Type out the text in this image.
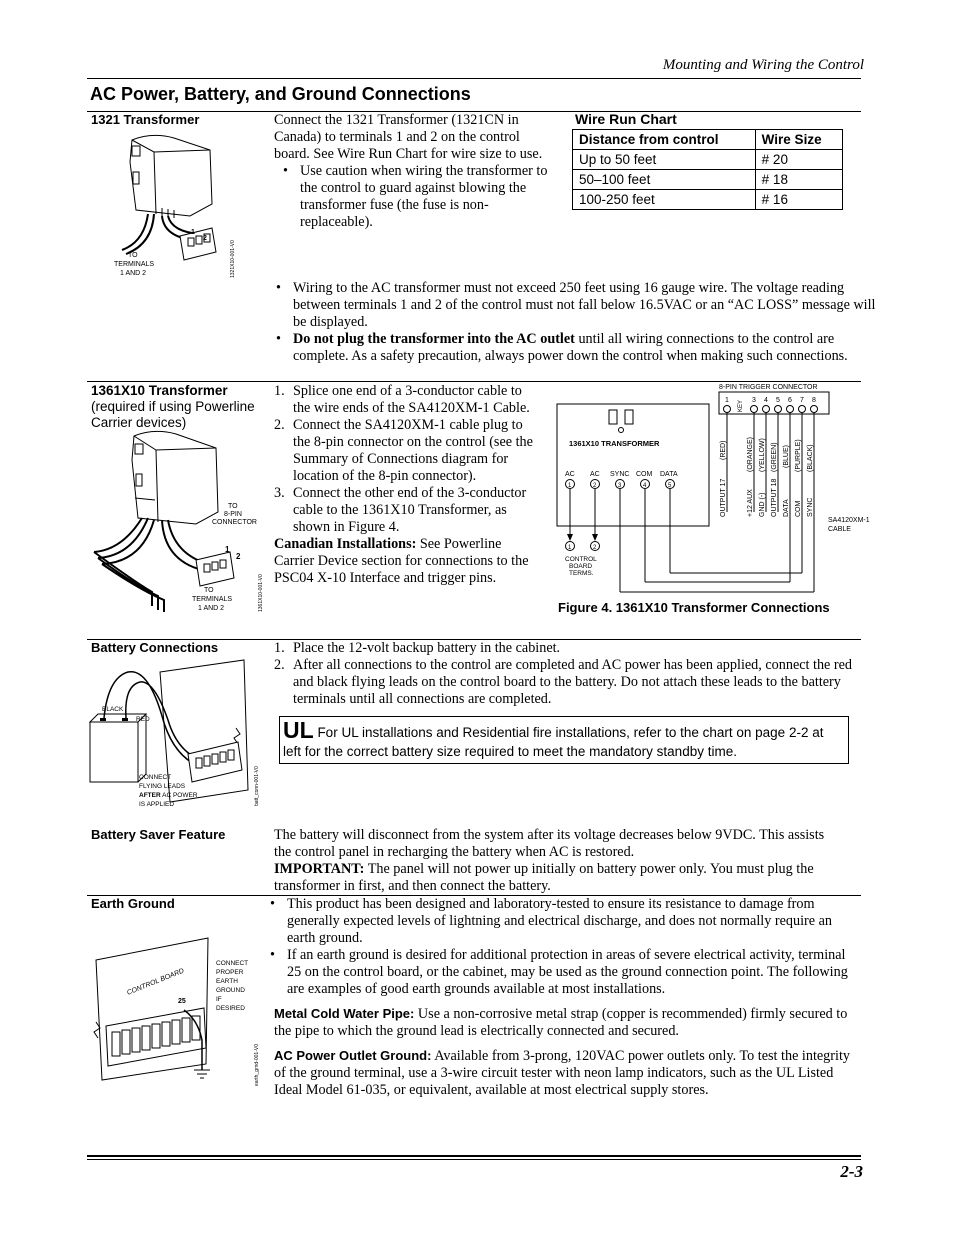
Mounting and Wiring the Control
AC Power, Battery, and Ground Connections
1321 Transformer
1
2
TO
TERMINALS
1 AND 2	1321X10-001-V0
Connect the 1321 Transformer (1321CN in Canada) to terminals 1 and 2 on the control board. See Wire Run Chart for wire size to use.
• Use caution when wiring the transformer to the control to guard against blowing the transformer fuse (the fuse is non-replaceable).
Wire Run Chart
Distance from control	Wire Size
Up to 50 feet	# 20
50–100 feet	# 18
100-250 feet	# 16
• Wiring to the AC transformer must not exceed 250 feet using 16 gauge wire. The voltage reading between terminals 1 and 2 of the control must not fall below 16.5VAC or an “AC LOSS” message will be displayed.
• Do not plug the transformer into the AC outlet until all wiring connections to the control are complete. As a safety precaution, always power down the control when making such connections.
1361X10 Transformer
(required if using Powerline Carrier devices)
TO
8-PIN
CONNECTOR
1
2
TO
TERMINALS
1 AND 2	1361X10-001-V0
1. Splice one end of a 3-conductor cable to the wire ends of the SA4120XM-1 Cable.
2. Connect the SA4120XM-1 cable plug to the 8-pin connector on the control (see the Summary of Connections diagram for location of the 8-pin connector).
3. Connect the other end of the 3-conductor cable to the 1361X10 Transformer, as shown in Figure 4.
Canadian Installations: See Powerline Carrier Device section for connections to the PSC04 X-10 Interface and trigger pins.
8-PIN TRIGGER CONNECTOR
1 KEY 3 4 5 6 7 8
(RED)
OUTPUT 17
(ORANGE)
+12 AUX
(YELLOW)
GND (-)
(GREEN)
OUTPUT 18
(BLUE)
DATA
(PURPLE)
COM
(BLACK)
SYNC
SA4120XM-1
CABLE
1361X10 TRANSFORMER
AC AC SYNC COM DATA
1	2	3	4	5
1	2
CONTROL
BOARD
TERMS.
Figure 4. 1361X10 Transformer Connections
Battery Connections
BLACK
RED
CONNECT
FLYING LEADS
AFTER AC POWER
IS APPLIED	batt_conn-001-V0
1. Place the 12-volt backup battery in the cabinet.
2. After all connections to the control are completed and AC power has been applied, connect the red and black flying leads on the control board to the battery. Do not attach these leads to the battery terminals until all connections are completed.
UL For UL installations and Residential fire installations, refer to the chart on page 2-2 at left for the correct battery size required to meet the mandatory standby time.
Battery Saver Feature	The battery will disconnect from the system after its voltage decreases below 9VDC. This assists the control panel in recharging the battery when AC is restored.
IMPORTANT: The panel will not power up initially on battery power only. You must plug the transformer in first, and then connect the battery.
Earth Ground
CONTROL BOARD
25
CONNECT
PROPER
EARTH
GROUND
IF
DESIRED
earth_grnd-001-V0
• This product has been designed and laboratory-tested to ensure its resistance to damage from generally expected levels of lightning and electrical discharge, and does not normally require an earth ground.
• If an earth ground is desired for additional protection in areas of severe electrical activity, terminal 25 on the control board, or the cabinet, may be used as the ground connection point. The following are examples of good earth grounds available at most installations.
Metal Cold Water Pipe: Use a non-corrosive metal strap (copper is recommended) firmly secured to the pipe to which the ground lead is electrically connected and secured.
AC Power Outlet Ground: Available from 3-prong, 120VAC power outlets only. To test the integrity of the ground terminal, use a 3-wire circuit tester with neon lamp indicators, such as the UL Listed Ideal Model 61-035, or equivalent, available at most electrical supply stores.
2-3
